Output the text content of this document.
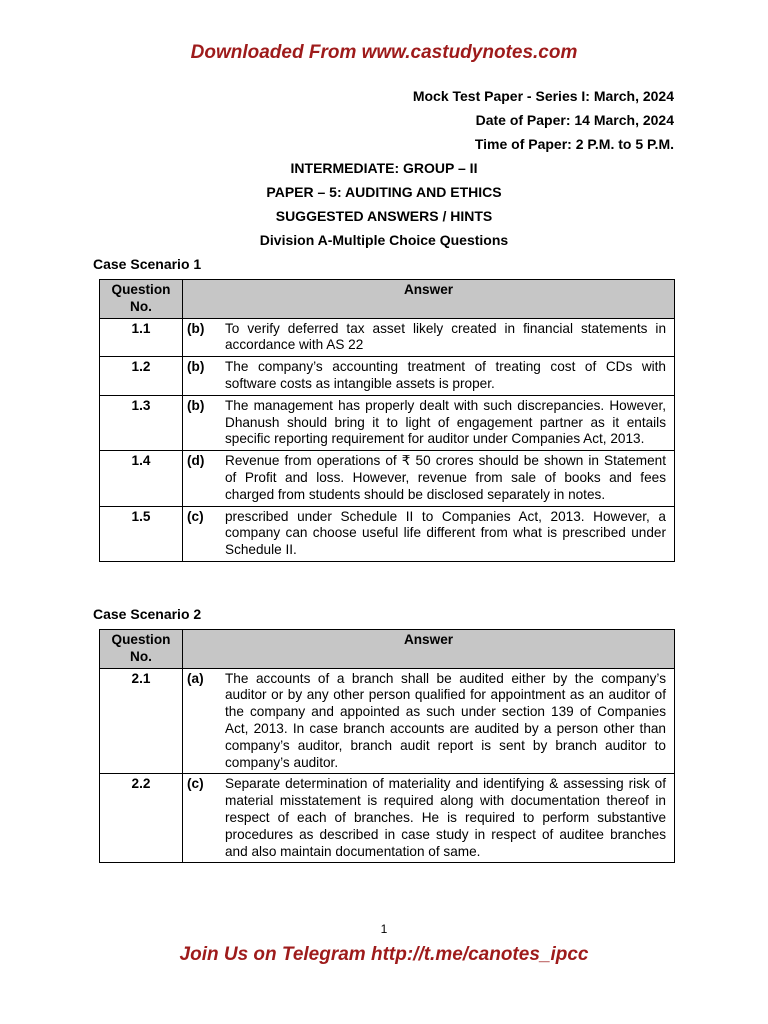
Downloaded From www.castudynotes.com
Mock Test Paper - Series I: March, 2024
Date of Paper: 14 March, 2024
Time of Paper: 2 P.M. to 5 P.M.
INTERMEDIATE: GROUP – II
PAPER – 5: AUDITING AND ETHICS
SUGGESTED ANSWERS / HINTS
Division A-Multiple Choice Questions
Case Scenario 1
Question No.	Answer
1.1	(b) To verify deferred tax asset likely created in financial statements in accordance with AS 22

1.2	(b) The company’s accounting treatment of treating cost of CDs with software costs as intangible assets is proper.

1.3	(b) The management has properly dealt with such discrepancies. However, Dhanush should bring it to light of engagement partner as it entails specific reporting requirement for auditor under Companies Act, 2013.

1.4	(d) Revenue from operations of ₹ 50 crores should be shown in Statement of Profit and loss. However, revenue from sale of books and fees charged from students should be disclosed separately in notes.

1.5	(c) prescribed under Schedule II to Companies Act, 2013. However, a company can choose useful life different from what is prescribed under Schedule II.
Case Scenario 2
Question No.	Answer
2.1	(a) The accounts of a branch shall be audited either by the company’s auditor or by any other person qualified for appointment as an auditor of the company and appointed as such under section 139 of Companies Act, 2013. In case branch accounts are audited by a person other than company’s auditor, branch audit report is sent by branch auditor to company’s auditor.

2.2	(c) Separate determination of materiality and identifying & assessing risk of material misstatement is required along with documentation thereof in respect of each of branches. He is required to perform substantive procedures as described in case study in respect of auditee branches and also maintain documentation of same.
1
Join Us on Telegram http://t.me/canotes_ipcc
